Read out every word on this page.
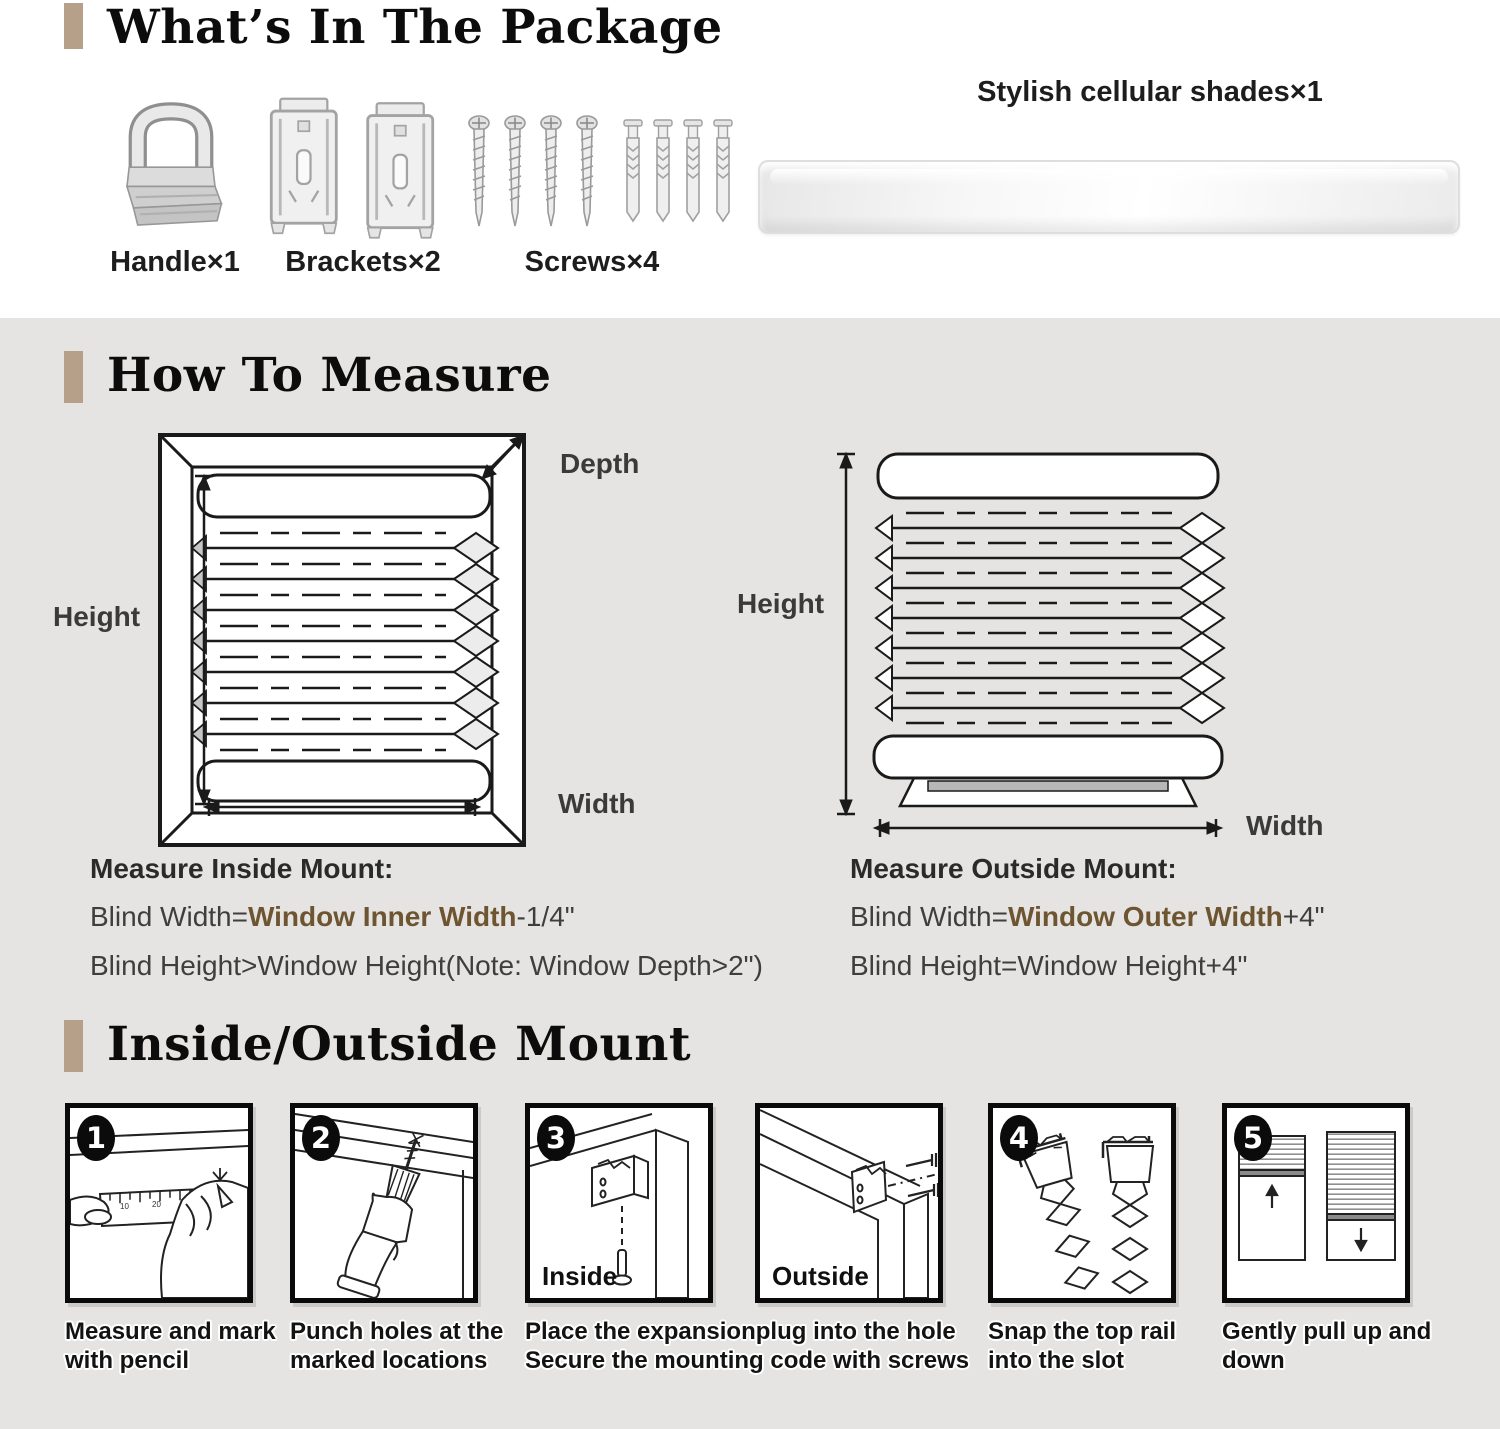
What’s In The Package
Handle×1	Brackets×2	Screws×4
Stylish cellular shades×1
How To Measure
Height
Depth
Width
Height
Width

Measure Inside Mount:

Blind Width=Window Inner Width-1/4"

Blind Height>Window Height(Note: Window Depth>2")

Measure Outside Mount:

Blind Width=Window Outer Width+4"

Blind Height=Window Height+4"

Inside/Outside Mount
1
10	20
2	3
Inside	Outside
4	5
Measure and mark with pencil
Punch holes at the marked locations
Place the expansionplug into the hole
Secure the mounting code with screws
Snap the top rail into the slot
Gently pull up and down
